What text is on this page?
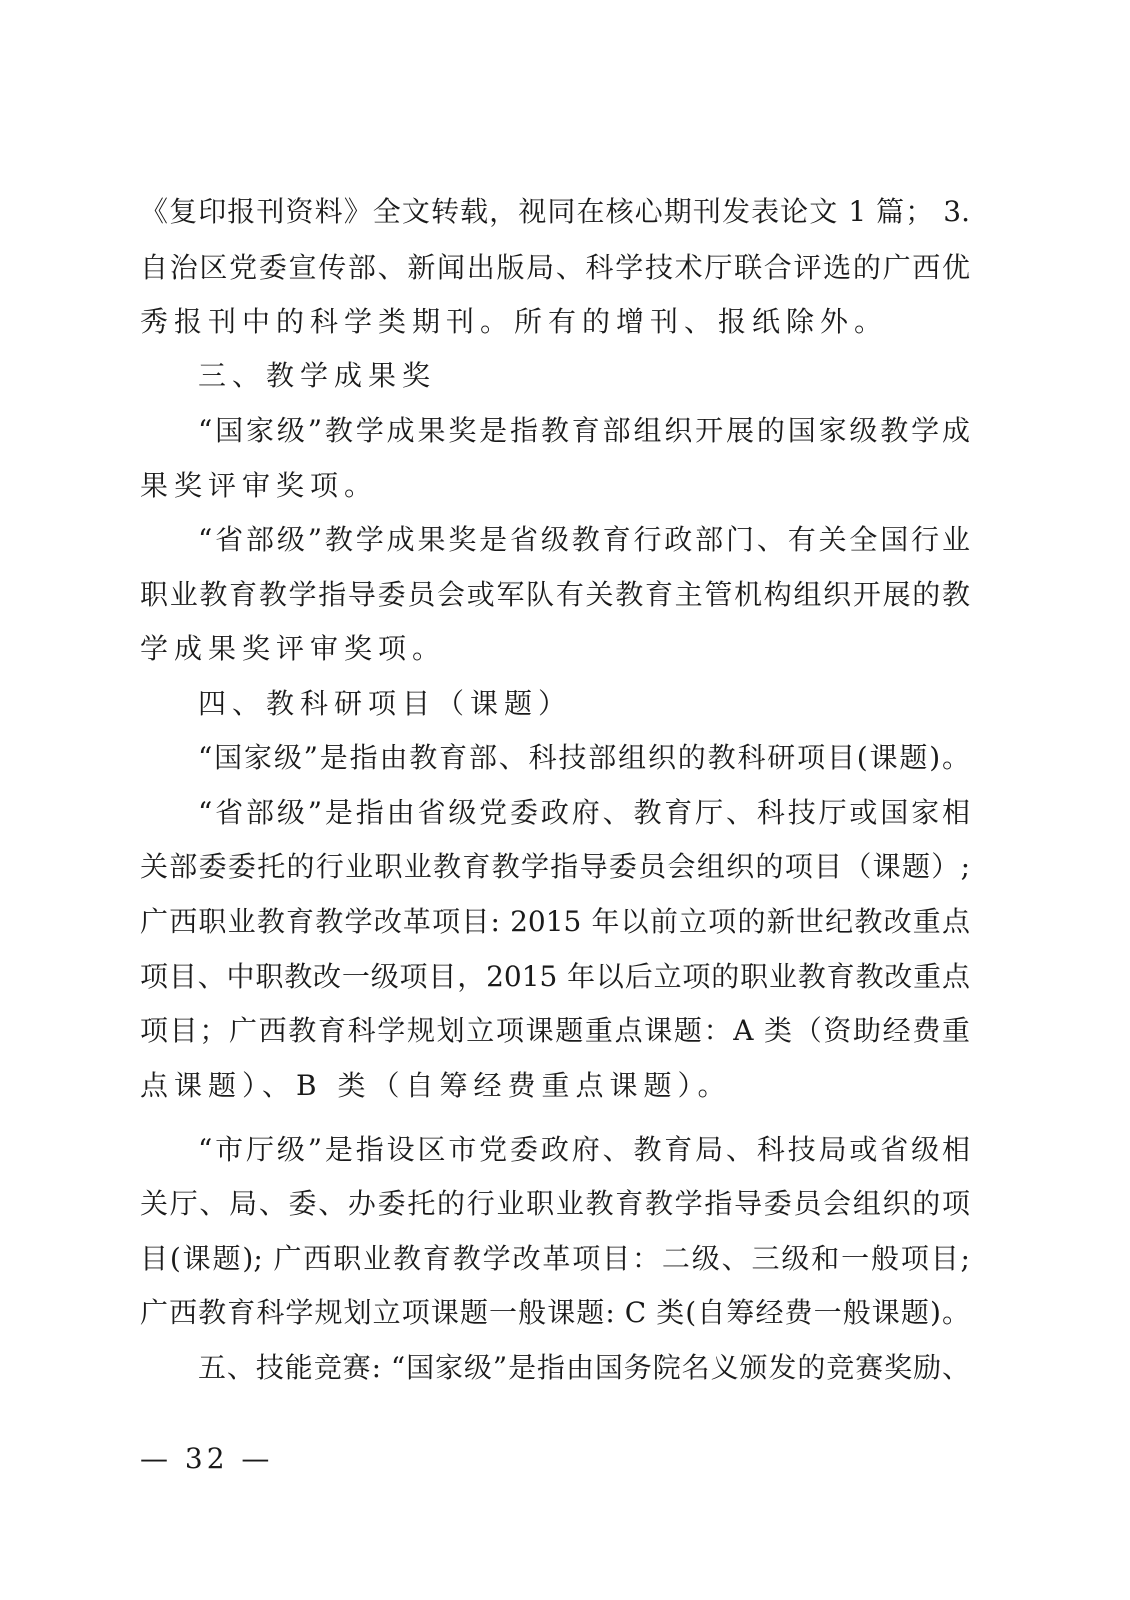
《复印报刊资料》全文转载，视同在核心期刊发表论文 1 篇； 3.
自治区党委宣传部、新闻出版局、科学技术厅联合评选的广西优
秀报刊中的科学类期刊。所有的增刊、报纸除外。
三、教学成果奖
“国家级”教学成果奖是指教育部组织开展的国家级教学成
果奖评审奖项。
“省部级”教学成果奖是省级教育行政部门、有关全国行业
职业教育教学指导委员会或军队有关教育主管机构组织开展的教
学成果奖评审奖项。
四、教科研项目（课题）
“国家级”是指由教育部、科技部组织的教科研项目(课题)。
“省部级”是指由省级党委政府、教育厅、科技厅或国家相
关部委委托的行业职业教育教学指导委员会组织的项目（课题）;
广西职业教育教学改革项目: 2015 年以前立项的新世纪教改重点
项目、中职教改一级项目，2015 年以后立项的职业教育教改重点
项目；广西教育科学规划立项课题重点课题：A 类（资助经费重
点课题）、B 类（自筹经费重点课题）。
“市厅级”是指设区市党委政府、教育局、科技局或省级相
关厅、局、委、办委托的行业职业教育教学指导委员会组织的项
目(课题); 广西职业教育教学改革项目：二级、三级和一般项目;
广西教育科学规划立项课题一般课题: C 类(自筹经费一般课题)。
五、技能竞赛: “国家级”是指由国务院名义颁发的竞赛奖励、
— 32 —
